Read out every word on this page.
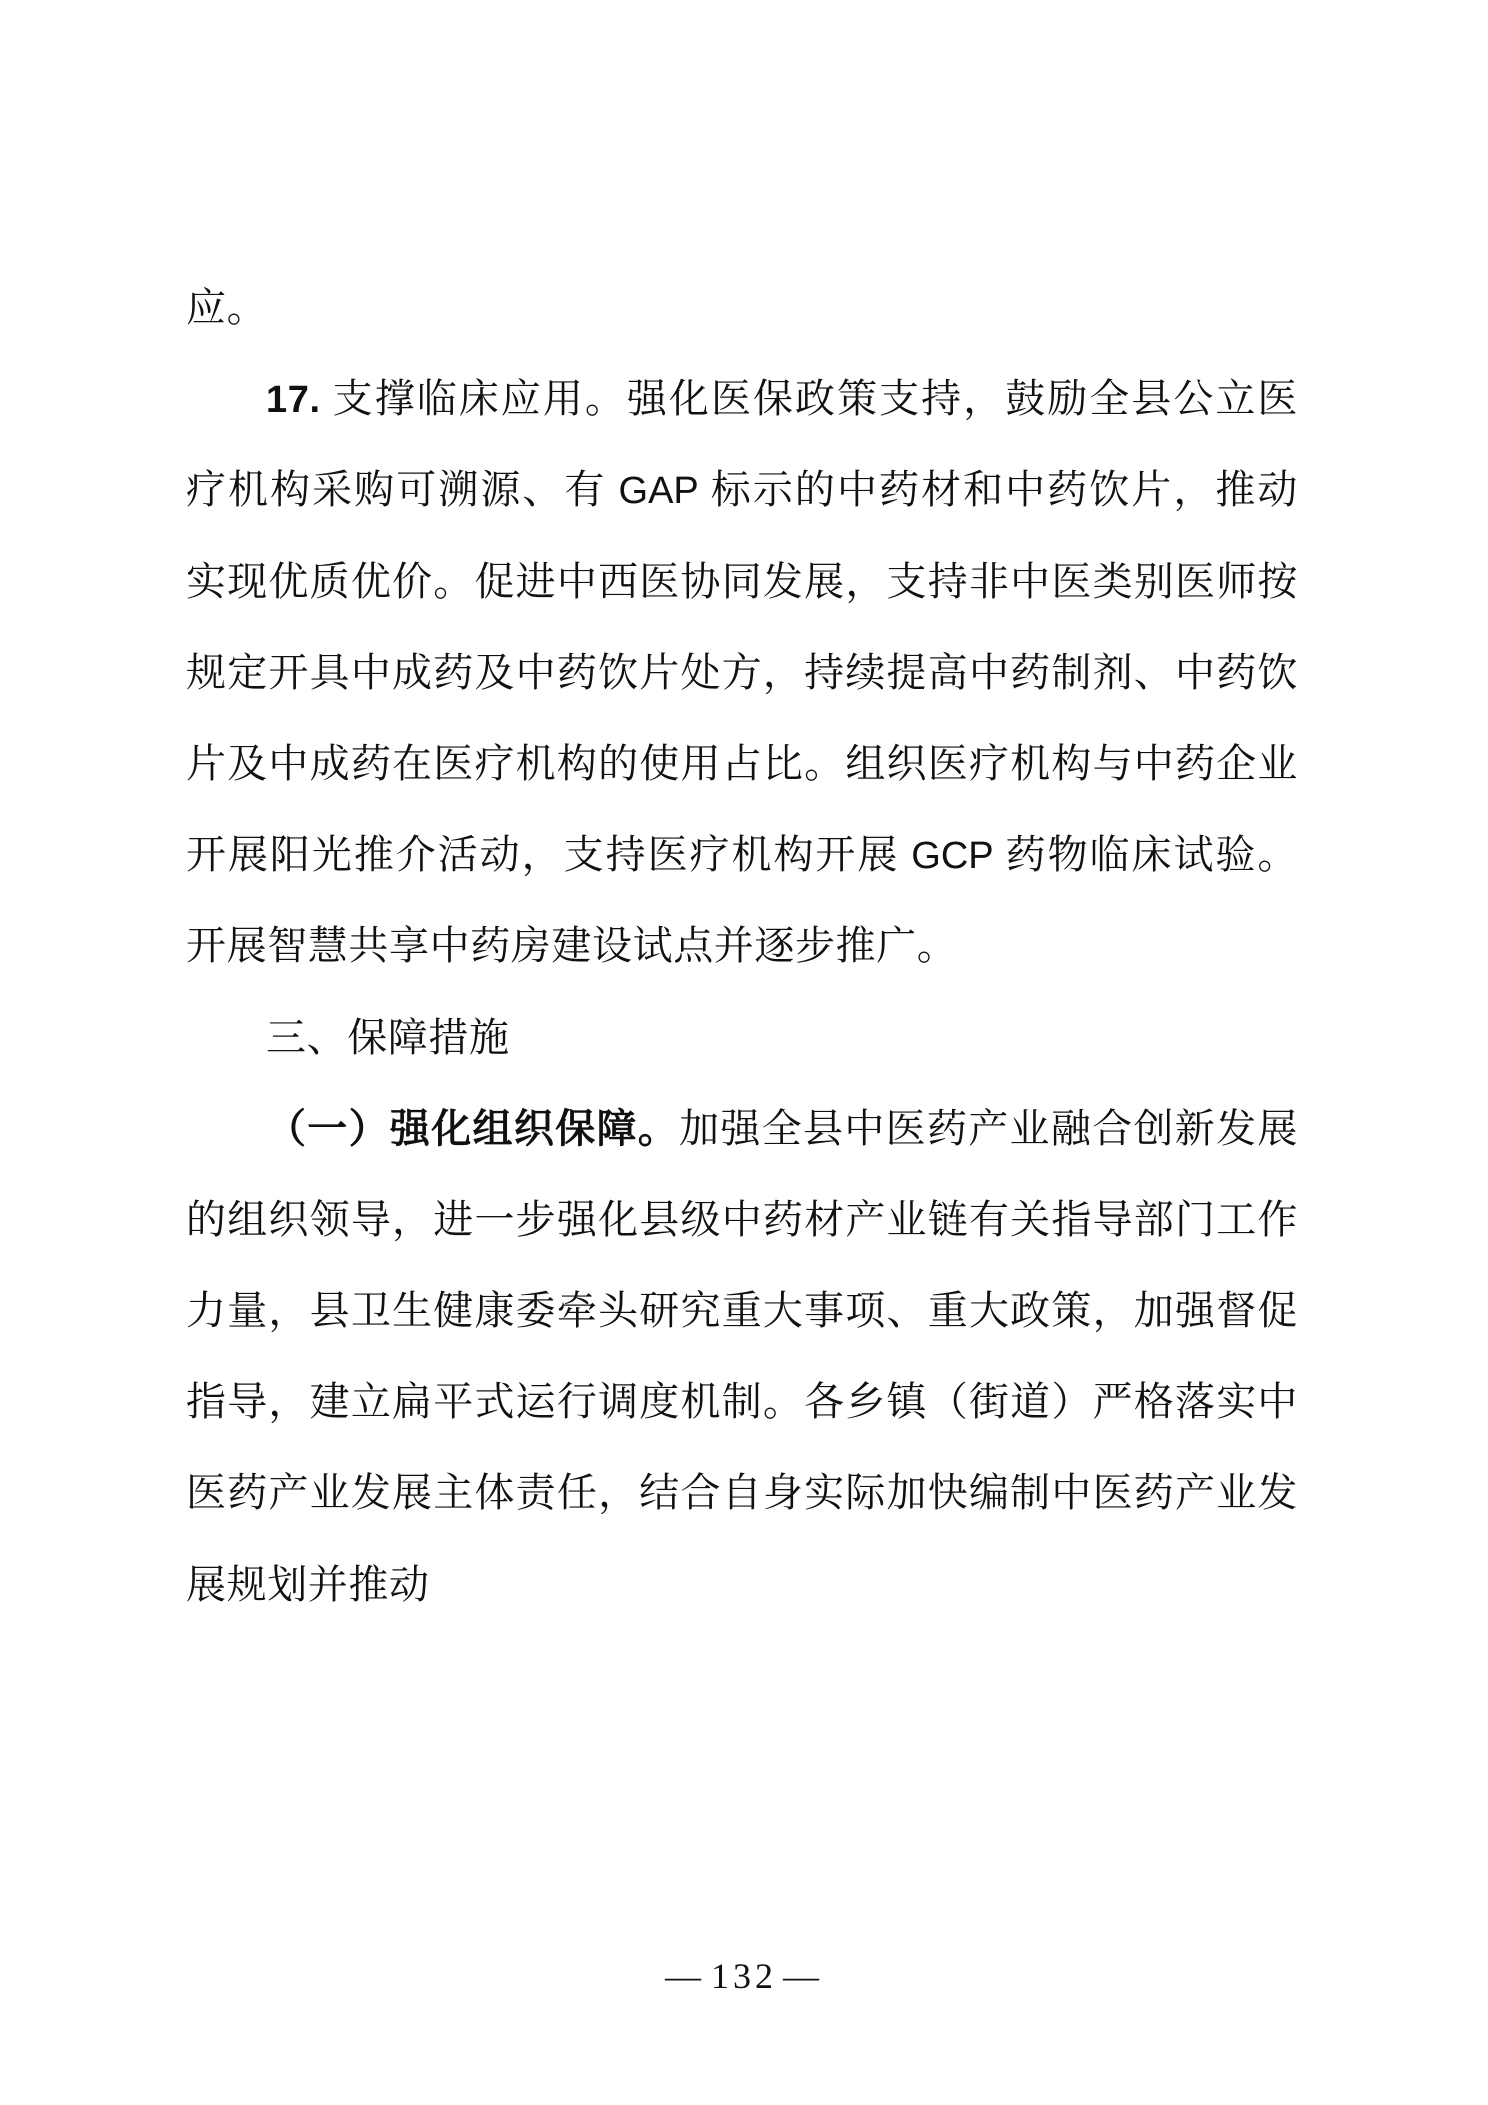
应。

17. 支撑临床应用。强化医保政策支持，鼓励全县公立医疗机构采购可溯源、有 GAP 标示的中药材和中药饮片，推动实现优质优价。促进中西医协同发展，支持非中医类别医师按规定开具中成药及中药饮片处方，持续提高中药制剂、中药饮片及中成药在医疗机构的使用占比。组织医疗机构与中药企业开展阳光推介活动，支持医疗机构开展 GCP 药物临床试验。开展智慧共享中药房建设试点并逐步推广。

三、保障措施

（一）强化组织保障。加强全县中医药产业融合创新发展的组织领导，进一步强化县级中药材产业链有关指导部门工作力量，县卫生健康委牵头研究重大事项、重大政策，加强督促指导，建立扁平式运行调度机制。各乡镇（街道）严格落实中医药产业发展主体责任，结合自身实际加快编制中医药产业发展规划并推动

— 132 —
